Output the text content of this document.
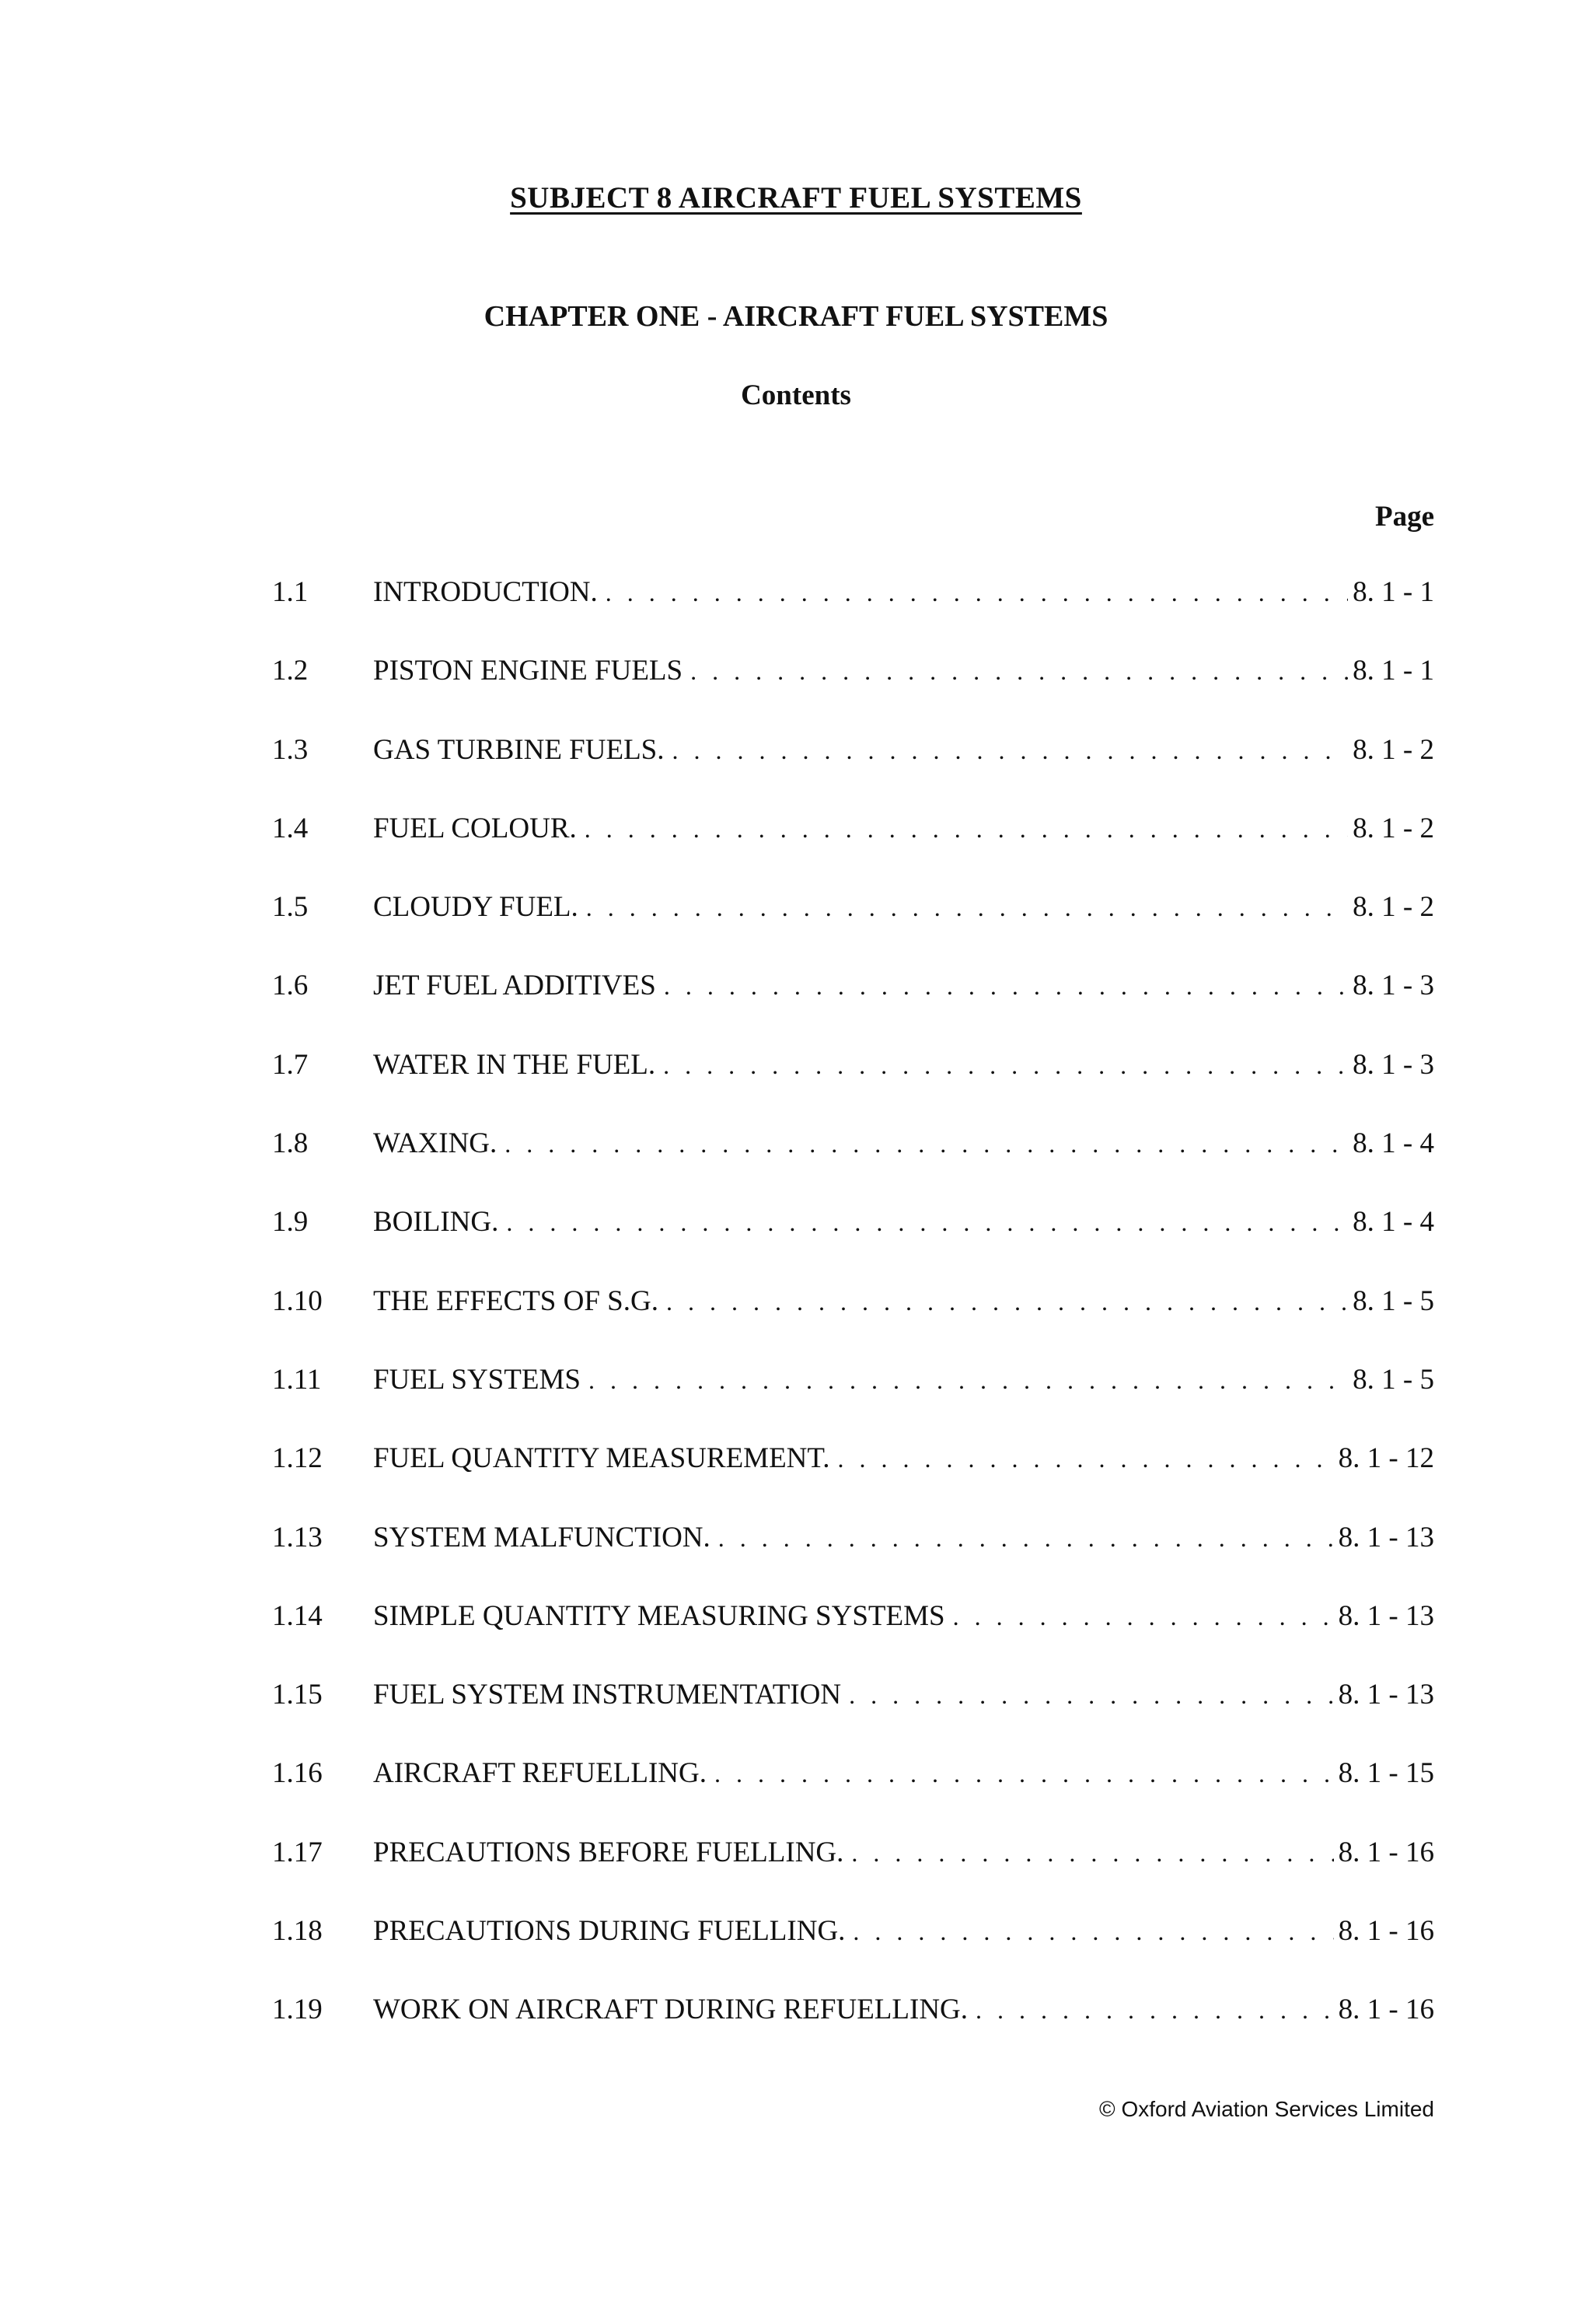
SUBJECT 8 AIRCRAFT FUEL SYSTEMS
CHAPTER ONE - AIRCRAFT FUEL SYSTEMS
Contents
Page
1.1	INTRODUCTION. . . .	8. 1 - 1
1.2	PISTON ENGINE FUELS . . .	8. 1 - 1
1.3	GAS TURBINE FUELS. . . .	8. 1 - 2
1.4	FUEL COLOUR. . . .	8. 1 - 2
1.5	CLOUDY FUEL. . . .	8. 1 - 2
1.6	JET FUEL ADDITIVES . . .	8. 1 - 3
1.7	WATER IN THE FUEL. . . .	8. 1 - 3
1.8	WAXING. . . .	8. 1 - 4
1.9	BOILING. . . .	8. 1 - 4
1.10	THE EFFECTS OF S.G. . . .	8. 1 - 5
1.11	FUEL SYSTEMS . . .	8. 1 - 5
1.12	FUEL QUANTITY MEASUREMENT. . . .	8. 1 - 12
1.13	SYSTEM MALFUNCTION. . . .	8. 1 - 13
1.14	SIMPLE QUANTITY MEASURING SYSTEMS . . .	8. 1 - 13
1.15	FUEL SYSTEM INSTRUMENTATION . . .	8. 1 - 13
1.16	AIRCRAFT REFUELLING. . . .	8. 1 - 15
1.17	PRECAUTIONS BEFORE FUELLING. . . .	8. 1 - 16
1.18	PRECAUTIONS DURING FUELLING. . . .	8. 1 - 16
1.19	WORK ON AIRCRAFT DURING REFUELLING. . . .	8. 1 - 16
© Oxford Aviation Services Limited
